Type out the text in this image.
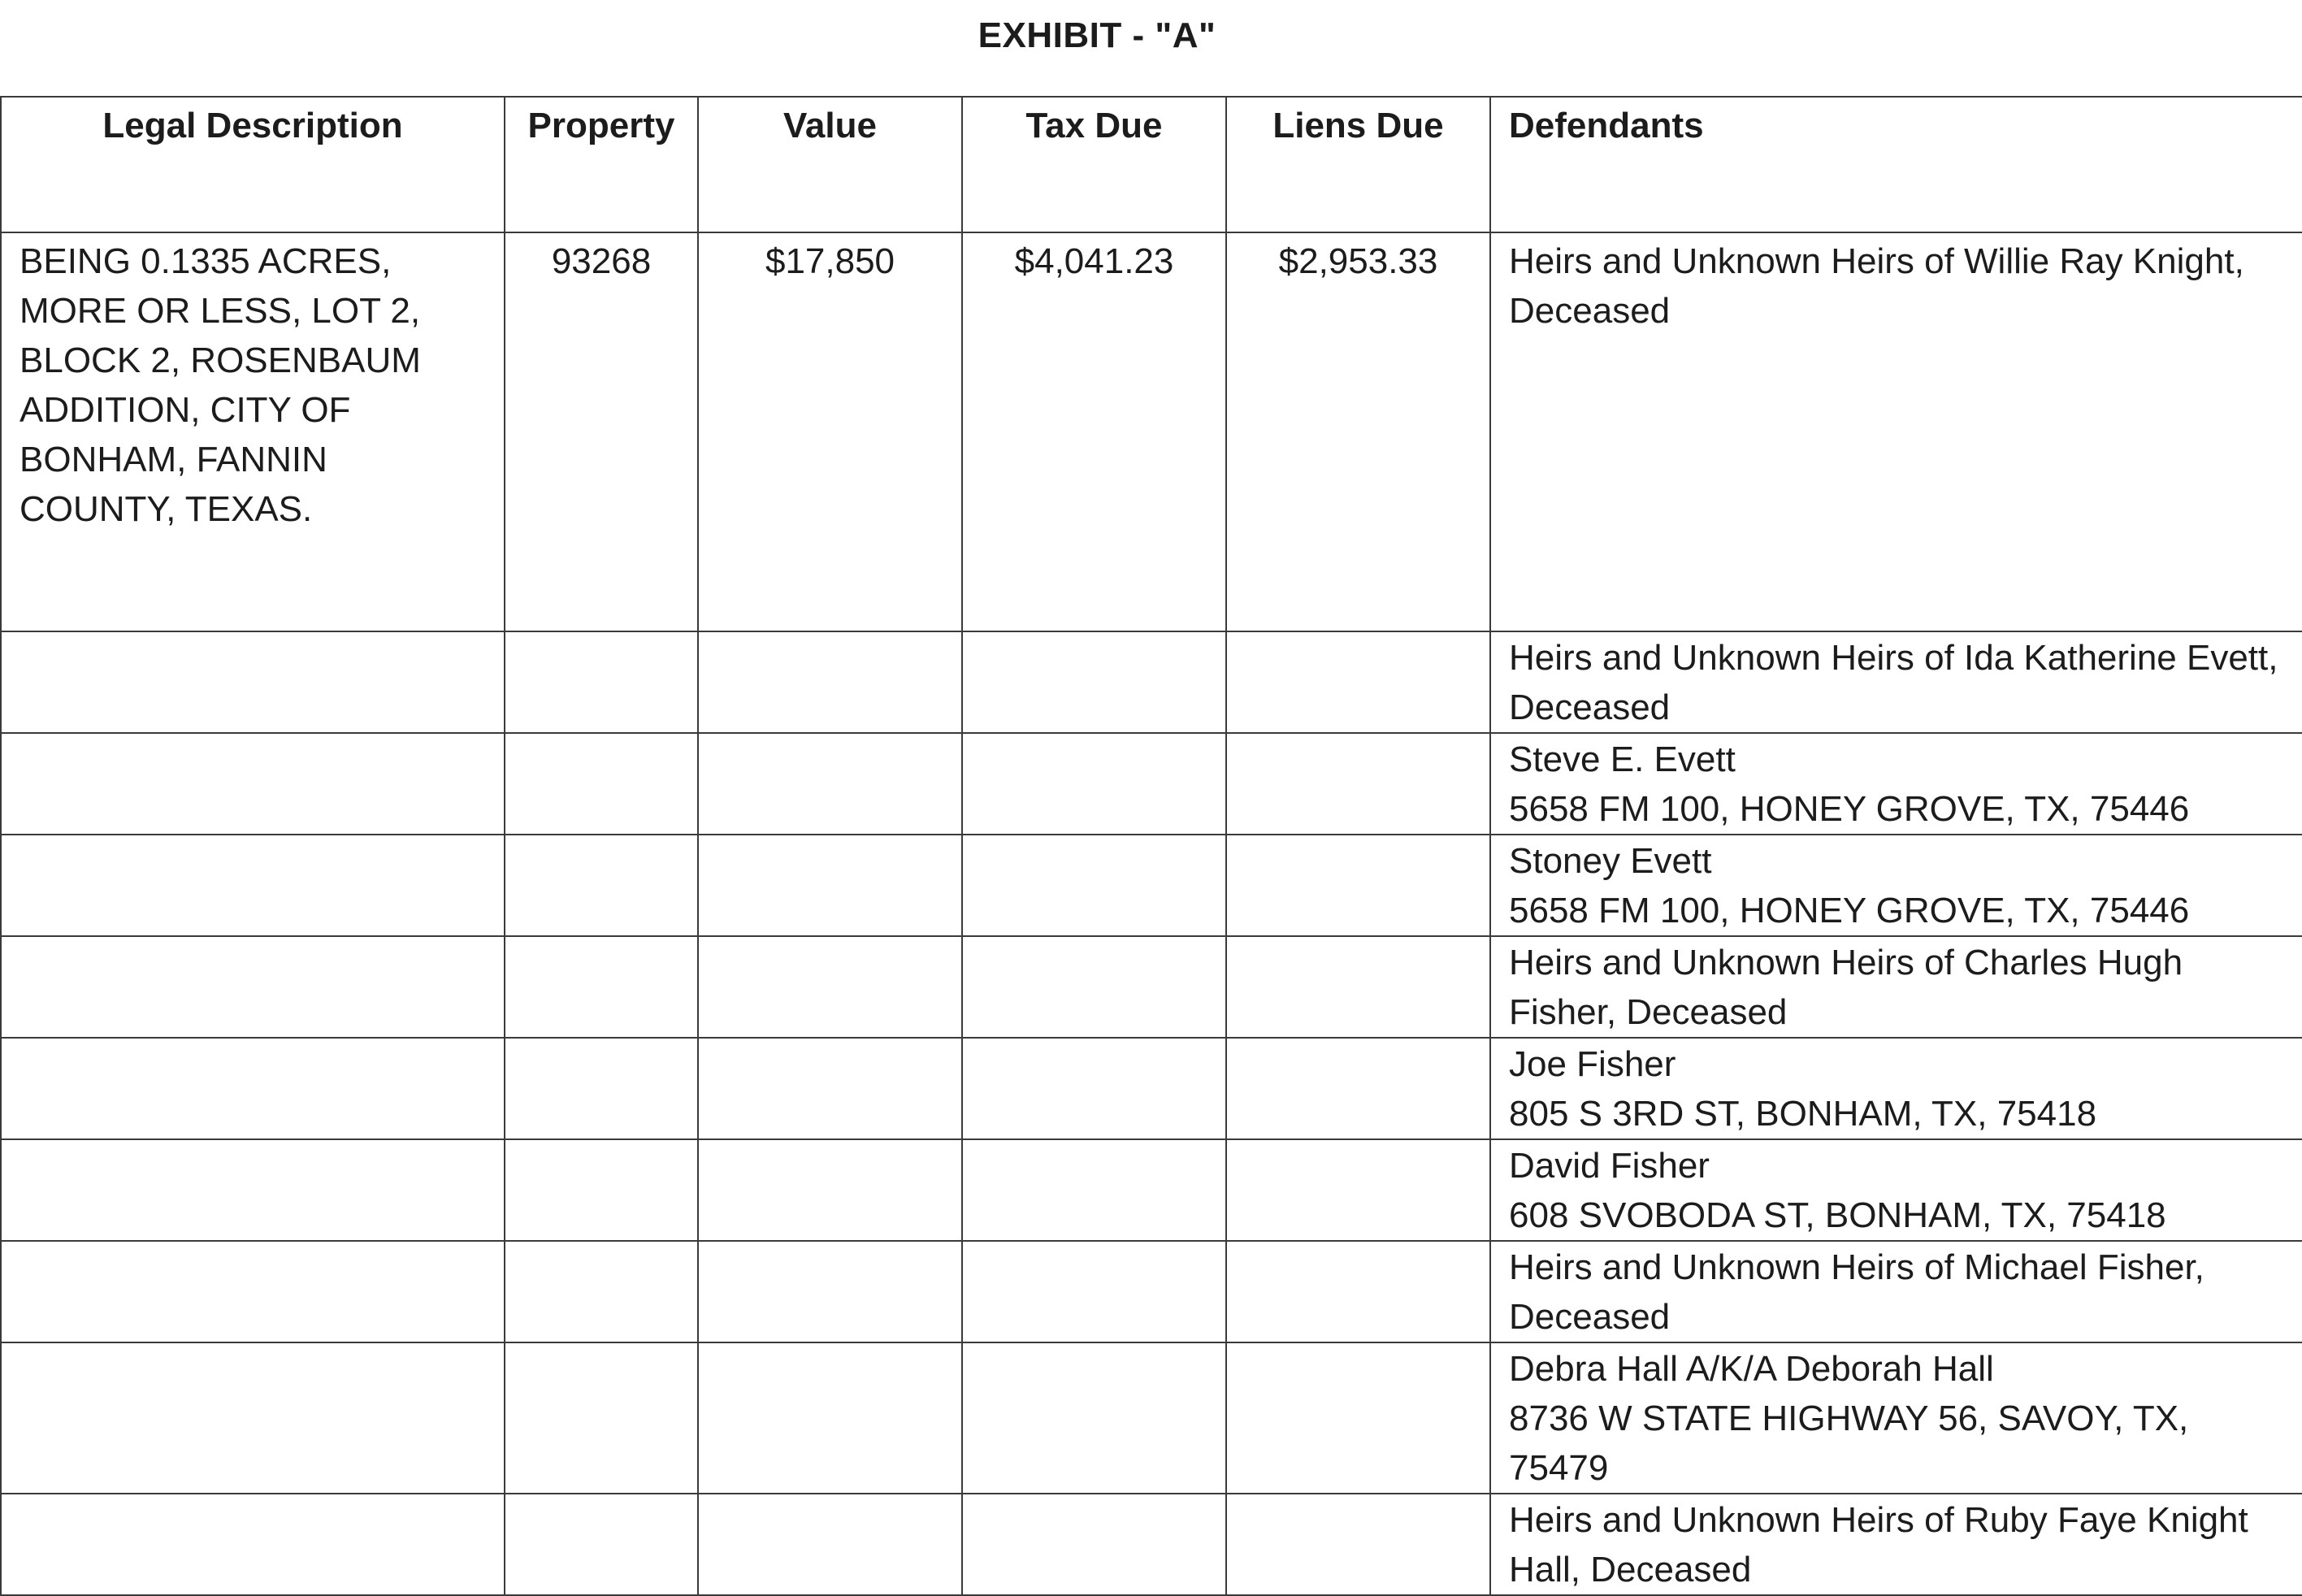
EXHIBIT - "A"
Legal Description	Property	Value	Tax Due	Liens Due	Defendants
BEING 0.1335 ACRES, MORE OR LESS, LOT 2, BLOCK 2, ROSENBAUM ADDITION, CITY OF BONHAM, FANNIN COUNTY, TEXAS.	93268	$17,850	$4,041.23	$2,953.33	Heirs and Unknown Heirs of Willie Ray Knight, Deceased

					Heirs and Unknown Heirs of Ida Katherine Evett, Deceased

					Steve E. Evett
5658 FM 100, HONEY GROVE, TX, 75446

					Stoney Evett
5658 FM 100, HONEY GROVE, TX, 75446

					Heirs and Unknown Heirs of Charles Hugh Fisher, Deceased

					Joe Fisher
805 S 3RD ST, BONHAM, TX, 75418

					David Fisher
608 SVOBODA ST, BONHAM, TX, 75418

					Heirs and Unknown Heirs of Michael Fisher, Deceased

					Debra Hall A/K/A Deborah Hall
8736 W STATE HIGHWAY 56, SAVOY, TX, 75479

					Heirs and Unknown Heirs of Ruby Faye Knight Hall, Deceased
